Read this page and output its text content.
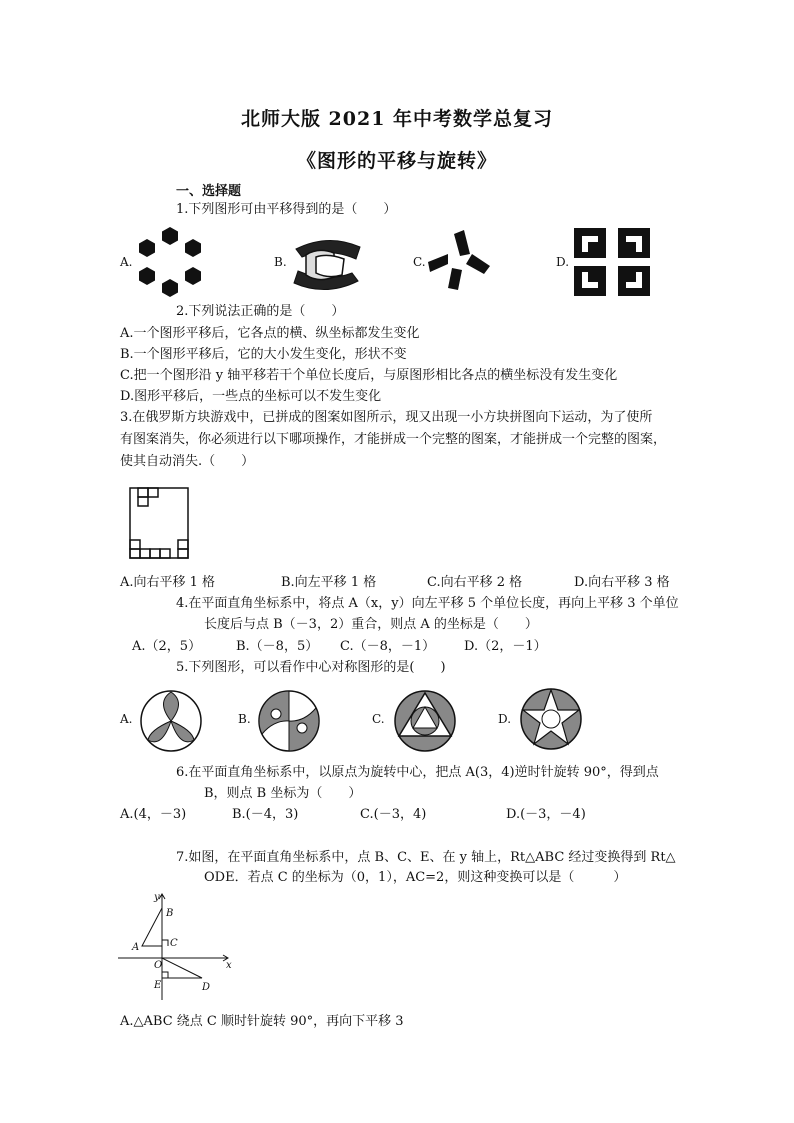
北师大版 2021 年中考数学总复习
《图形的平移与旋转》
一、选择题
1.下列图形可由平移得到的是（　　）
A.	B.	C.	D.
2.下列说法正确的是（　　）
A.一个图形平移后，它各点的横、纵坐标都发生变化
B.一个图形平移后，它的大小发生变化，形状不变
C.把一个图形沿 y 轴平移若干个单位长度后，与原图形相比各点的横坐标没有发生变化
D.图形平移后，一些点的坐标可以不发生变化
3.在俄罗斯方块游戏中，已拼成的图案如图所示，现又出现一小方块拼图向下运动，为了使所
有图案消失，你必须进行以下哪项操作，才能拼成一个完整的图案，才能拼成一个完整的图案，
使其自动消失.（　　）
A.向右平移 1 格	B.向左平移 1 格	C.向右平移 2 格	D.向右平移 3 格
4.在平面直角坐标系中，将点 A（x，y）向左平移 5 个单位长度，再向上平移 3 个单位
长度后与点 B（－3，2）重合，则点 A 的坐标是（　　）
A.（2，5）	B.（－8，5） C.（－8，－1） D.（2，－1）
5.下列图形，可以看作中心对称图形的是(　　)
A.	B.	C.	D.
6.在平面直角坐标系中，以原点为旋转中心，把点 A(3，4)逆时针旋转 90°，得到点
B，则点 B 坐标为（　　）
A.(4，－3)	B.(－4，3)	C.(－3，4)	D.(－3，－4)
7.如图，在平面直角坐标系中，点 B、C、E、在 y 轴上，Rt△ABC 经过变换得到 Rt△
ODE．若点 C 的坐标为（0，1），AC=2，则这种变换可以是（　　　）
y
x
B
A	C
O
E	D
A.△ABC 绕点 C 顺时针旋转 90°，再向下平移 3
